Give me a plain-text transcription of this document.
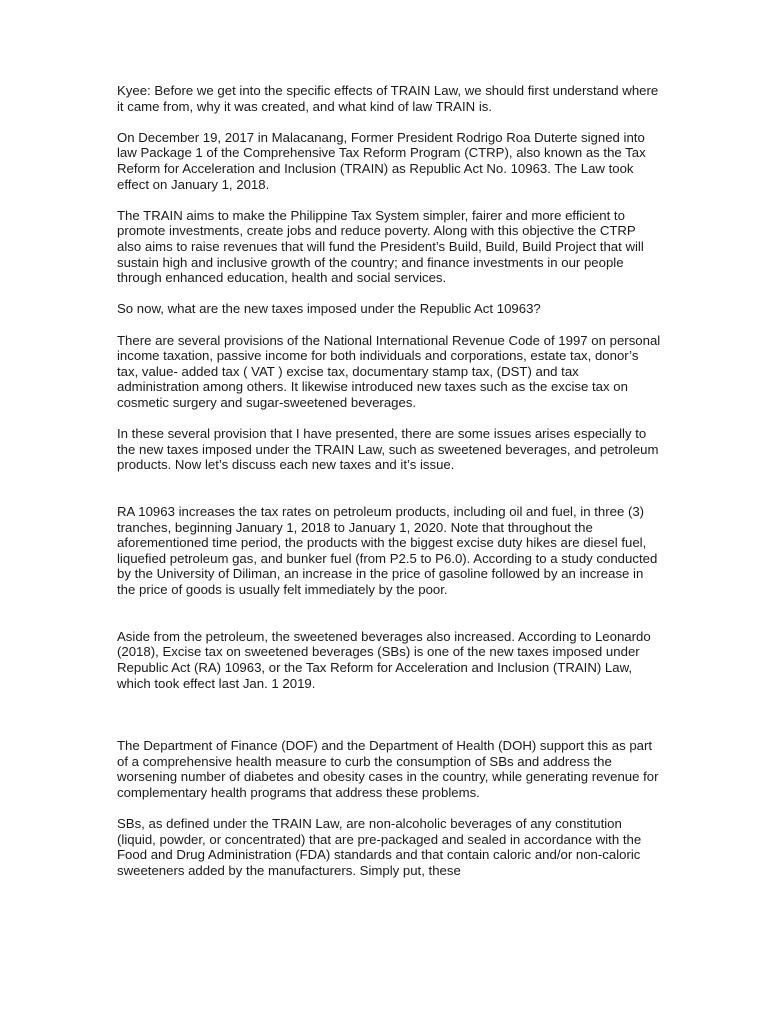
Kyee: Before we get into the specific effects of TRAIN Law, we should first understand where it came from, why it was created, and what kind of law TRAIN is.

On December 19, 2017 in Malacanang, Former President Rodrigo Roa Duterte signed into law Package 1 of the Comprehensive Tax Reform Program (CTRP), also known as the Tax Reform for Acceleration and Inclusion (TRAIN) as Republic Act No. 10963. The Law took effect on January 1, 2018.

The TRAIN aims to make the Philippine Tax System simpler, fairer and more efficient to promote investments, create jobs and reduce poverty. Along with this objective the CTRP also aims to raise revenues that will fund the President’s Build, Build, Build Project that will sustain high and inclusive growth of the country; and finance investments in our people through enhanced education, health and social services.

So now, what are the new taxes imposed under the Republic Act 10963?

There are several provisions of the National International Revenue Code of 1997 on personal income taxation, passive income for both individuals and corporations, estate tax, donor’s tax, value- added tax ( VAT ) excise tax, documentary stamp tax, (DST) and tax administration among others. It likewise introduced new taxes such as the excise tax on cosmetic surgery and sugar-sweetened beverages.

In these several provision that I have presented, there are some issues arises especially to the new taxes imposed under the TRAIN Law, such as sweetened beverages, and petroleum products. Now let’s discuss each new taxes and it’s issue.

RA 10963 increases the tax rates on petroleum products, including oil and fuel, in three (3) tranches, beginning January 1, 2018 to January 1, 2020. Note that throughout the aforementioned time period, the products with the biggest excise duty hikes are diesel fuel, liquefied petroleum gas, and bunker fuel (from P2.5 to P6.0). According to a study conducted by the University of Diliman, an increase in the price of gasoline followed by an increase in the price of goods is usually felt immediately by the poor.

Aside from the petroleum, the sweetened beverages also increased. According to Leonardo (2018), Excise tax on sweetened beverages (SBs) is one of the new taxes imposed under Republic Act (RA) 10963, or the Tax Reform for Acceleration and Inclusion (TRAIN) Law, which took effect last Jan. 1 2019.

The Department of Finance (DOF) and the Department of Health (DOH) support this as part of a comprehensive health measure to curb the consumption of SBs and address the worsening number of diabetes and obesity cases in the country, while generating revenue for complementary health programs that address these problems.

SBs, as defined under the TRAIN Law, are non-alcoholic beverages of any constitution (liquid, powder, or concentrated) that are pre-packaged and sealed in accordance with the Food and Drug Administration (FDA) standards and that contain caloric and/or non-caloric sweeteners added by the manufacturers. Simply put, these
